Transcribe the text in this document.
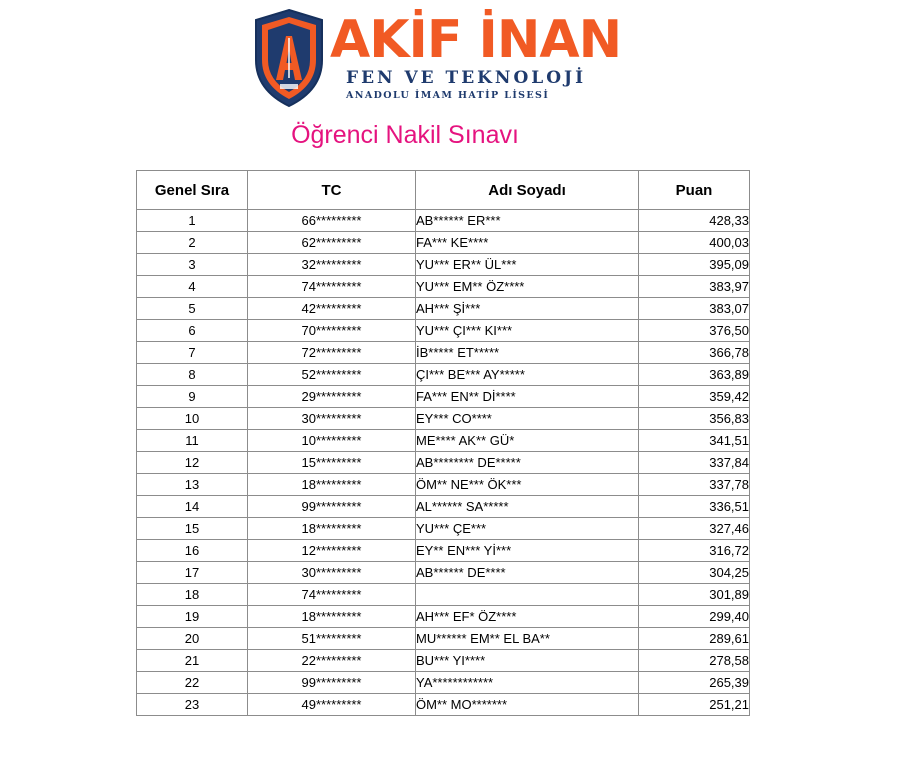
AKİF İNAN
FEN VE TEKNOLOJİ
ANADOLU İMAM HATİP LİSESİ
Öğrenci Nakil Sınavı
Genel Sıra	TC	Adı Soyadı	Puan
1	66*********	AB****** ER***	428,33
2	62*********	FA*** KE****	400,03
3	32*********	YU*** ER** ÜL***	395,09
4	74*********	YU*** EM** ÖZ****	383,97
5	42*********	AH*** Şİ***	383,07
6	70*********	YU*** ÇI*** KI***	376,50
7	72*********	İB***** ET*****	366,78
8	52*********	ÇI*** BE*** AY*****	363,89
9	29*********	FA*** EN** Dİ****	359,42
10	30*********	EY*** CO****	356,83
11	10*********	ME**** AK** GÜ*	341,51
12	15*********	AB******** DE*****	337,84
13	18*********	ÖM** NE*** ÖK***	337,78
14	99*********	AL****** SA*****	336,51
15	18*********	YU*** ÇE***	327,46
16	12*********	EY** EN*** Yİ***	316,72
17	30*********	AB****** DE****	304,25
18	74*********		301,89
19	18*********	AH*** EF* ÖZ****	299,40
20	51*********	MU****** EM** EL BA**	289,61
21	22*********	BU*** YI****	278,58
22	99*********	YA************	265,39
23	49*********	ÖM** MO*******	251,21
